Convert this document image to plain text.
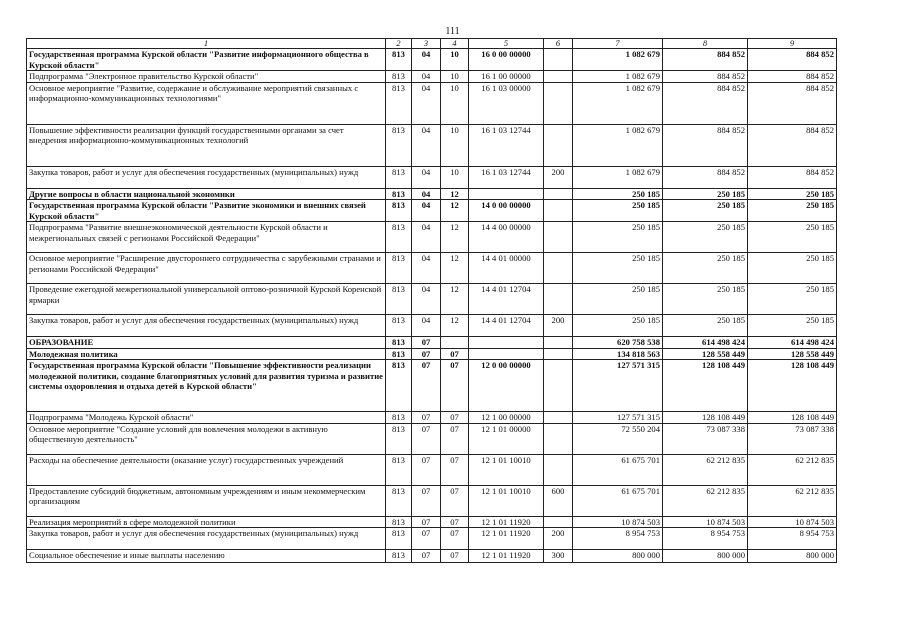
111
1	2	3	4	5	6	7	8	9
Государственная программа Курской области "Развитие информационного общества в Курской области"	813	04	10	16 0 00 00000		1 082 679	884 852	884 852
Подпрограмма "Электронное правительство Курской области"	813	04	10	16 1 00 00000		1 082 679	884 852	884 852
Основное мероприятие "Развитие, содержание и обслуживание мероприятий связанных с информационно-коммуникационных технологиями"	813	04	10	16 1 03 00000		1 082 679	884 852	884 852
Повышение эффективности реализации функций государственными органами за счет внедрения информационно-коммуникационных технологий	813	04	10	16 1 03 12744		1 082 679	884 852	884 852
Закупка товаров, работ и услуг для обеспечения государственных (муниципальных) нужд	813	04	10	16 1 03 12744	200	1 082 679	884 852	884 852
Другие вопросы в области национальной экономики	813	04	12			250 185	250 185	250 185
Государственная программа Курской области "Развитие экономики и внешних связей Курской области"	813	04	12	14 0 00 00000		250 185	250 185	250 185
Подпрограмма "Развитие внешнеэкономической деятельности Курской области и межрегиональных связей с регионами Российской Федерации"	813	04	12	14 4 00 00000		250 185	250 185	250 185
Основное мероприятие "Расширение двустороннего сотрудничества с зарубежными странами и регионами Российской Федерации"	813	04	12	14 4 01 00000		250 185	250 185	250 185
Проведение ежегодной межрегиональной универсальной оптово-розничной Курской Коренской ярмарки	813	04	12	14 4 01 12704		250 185	250 185	250 185
Закупка товаров, работ и услуг для обеспечения государственных (муниципальных) нужд	813	04	12	14 4 01 12704	200	250 185	250 185	250 185
ОБРАЗОВАНИЕ	813	07				620 758 538	614 498 424	614 498 424
Молодежная политика	813	07	07			134 818 563	128 558 449	128 558 449
Государственная программа Курской области "Повышение эффективности реализации молодежной политики, создание благоприятных условий для развития туризма и развитие системы оздоровления и отдыха детей в Курской области"	813	07	07	12 0 00 00000		127 571 315	128 108 449	128 108 449
Подпрограмма "Молодежь Курской области"	813	07	07	12 1 00 00000		127 571 315	128 108 449	128 108 449
Основное мероприятие "Создание условий для вовлечения молодежи в активную общественную деятельность"	813	07	07	12 1 01 00000		72 550 204	73 087 338	73 087 338
Расходы на обеспечение деятельности (оказание услуг) государственных учреждений	813	07	07	12 1 01 10010		61 675 701	62 212 835	62 212 835
Предоставление субсидий бюджетным, автономным учреждениям и иным некоммерческим организациям	813	07	07	12 1 01 10010	600	61 675 701	62 212 835	62 212 835
Реализация мероприятий в сфере молодежной политики	813	07	07	12 1 01 11920		10 874 503	10 874 503	10 874 503
Закупка товаров, работ и услуг для обеспечения государственных (муниципальных) нужд	813	07	07	12 1 01 11920	200	8 954 753	8 954 753	8 954 753
Социальное обеспечение и иные выплаты населению	813	07	07	12 1 01 11920	300	800 000	800 000	800 000
